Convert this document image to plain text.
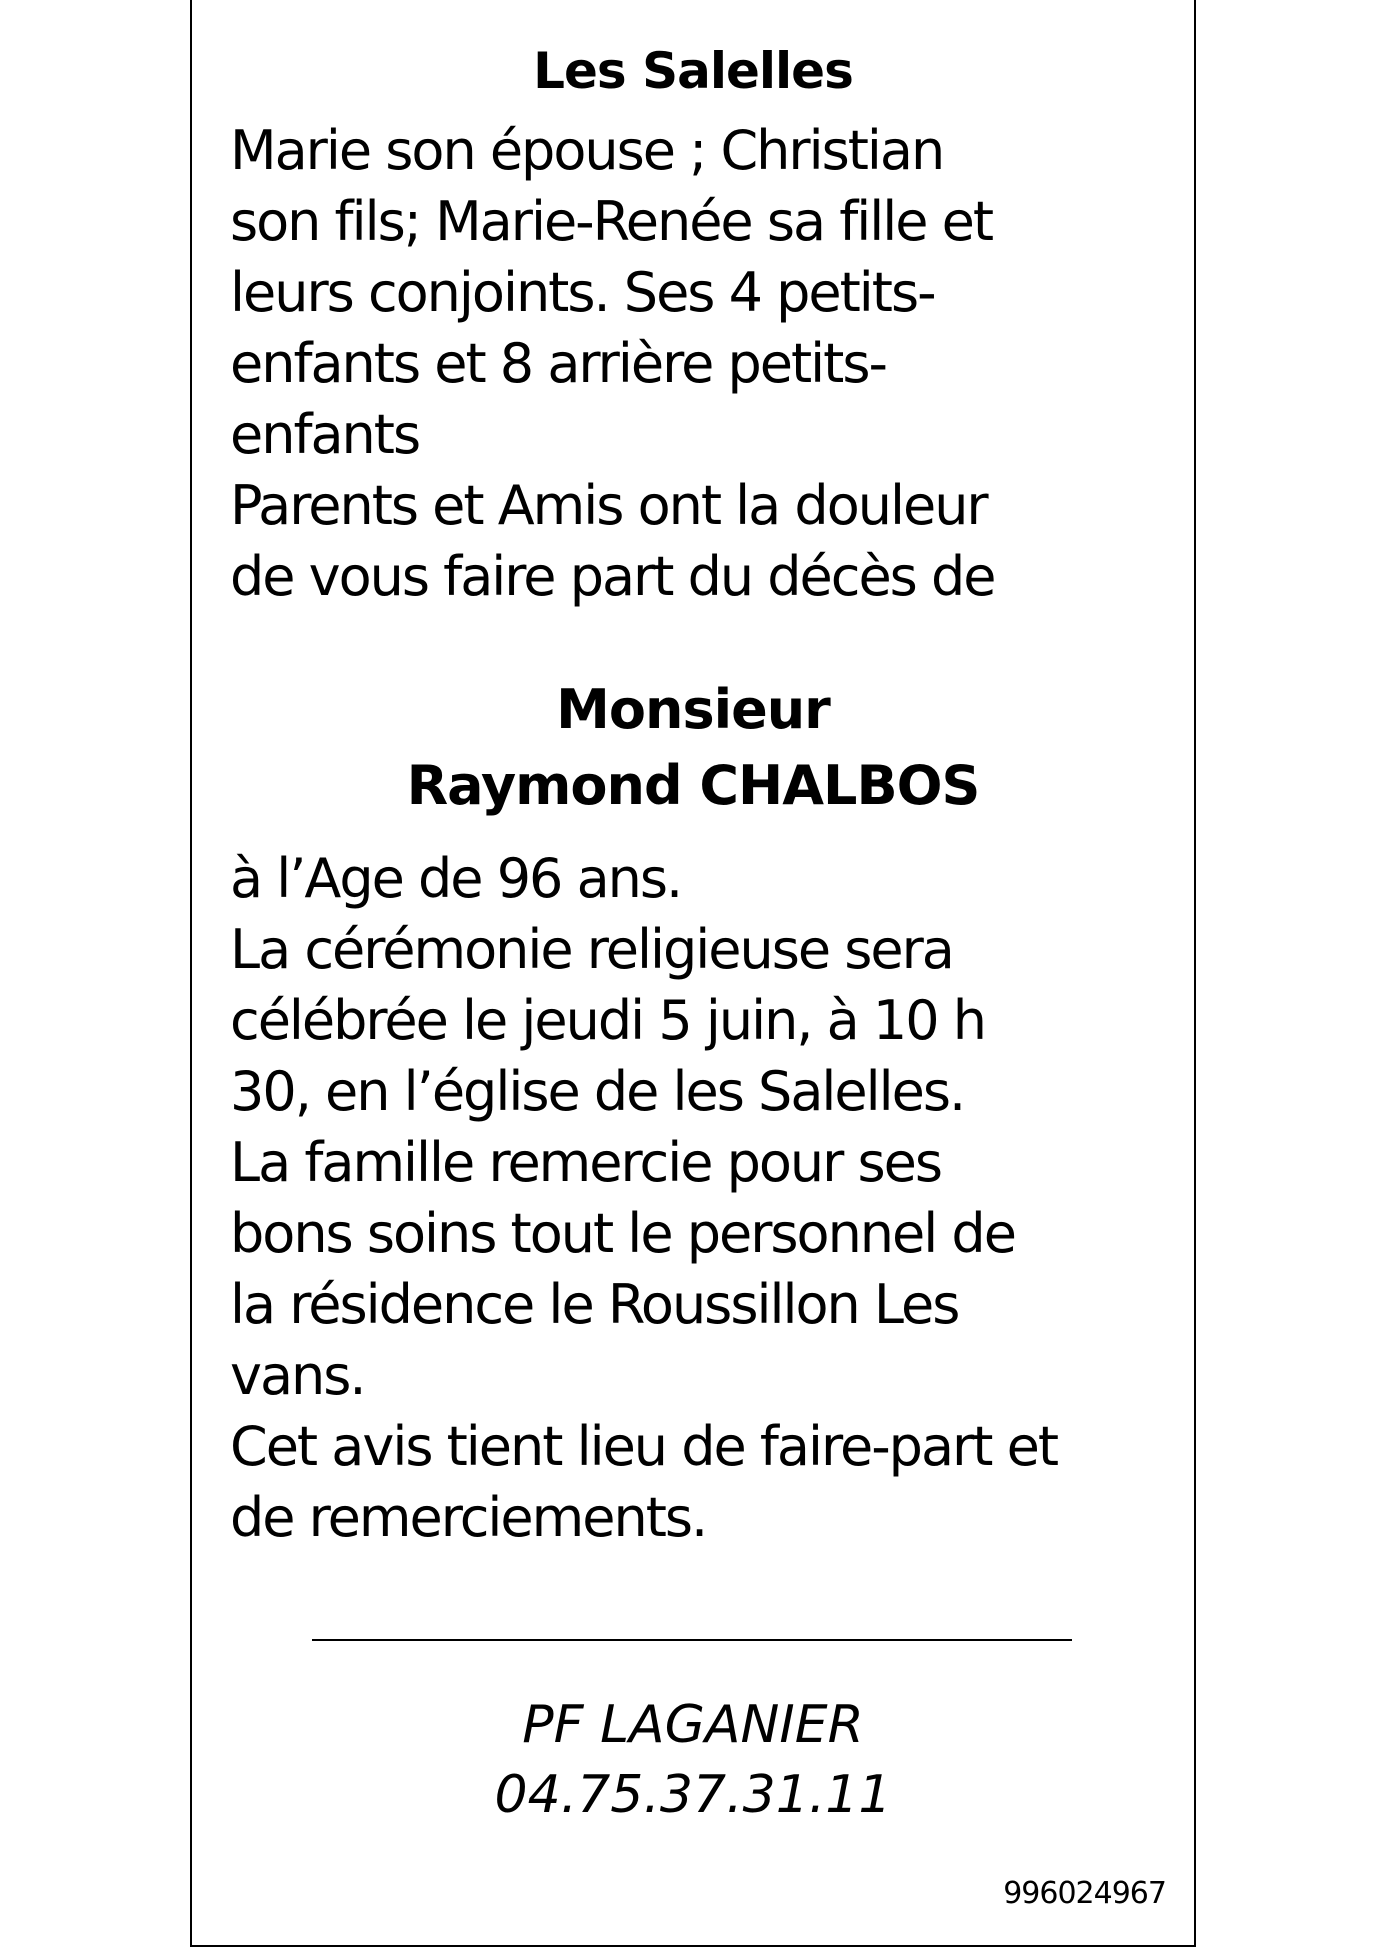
Les Salelles

Marie son épouse ; Christian
son fils; Marie-Renée sa fille et
leurs conjoints. Ses 4 petits-
enfants et 8 arrière petits-
enfants
Parents et Amis ont la douleur
de vous faire part du décès de

Monsieur
Raymond CHALBOS

à l’Age de 96 ans.
La cérémonie religieuse sera
célébrée le jeudi 5 juin, à 10 h
30, en l’église de les Salelles.
La famille remercie pour ses
bons soins tout le personnel de
la résidence le Roussillon Les
vans.
Cet avis tient lieu de faire-part et
de remerciements.

PF LAGANIER
04.75.37.31.11
996024967
